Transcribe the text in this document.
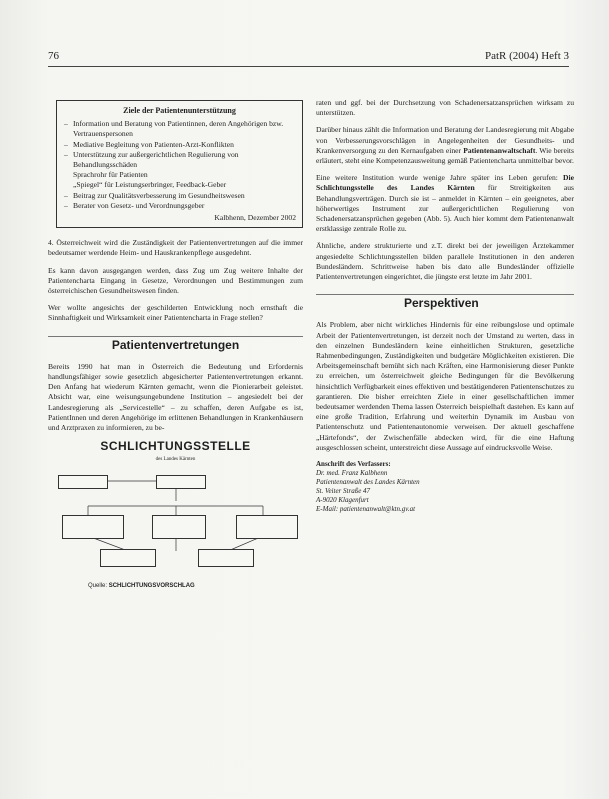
76	PatR (2004) Heft 3
Ziele der Patientenunterstützung
– Information und Beratung von Patientinnen, deren Angehörigen bzw. Vertrauenspersonen
– Mediative Begleitung von Patienten-Arzt-Konflikten
– Unterstützung zur außergerichtlichen Regulierung von Behandlungsschäden
Sprachrohr für Patienten
„Spiegel“ für Leistungserbringer, Feedback-Geber
– Beitrag zur Qualitätsverbesserung im Gesundheitswesen
– Berater von Gesetz- und Verordnungsgeber
Kalbhenn, Dezember 2002

4. Österreichweit wird die Zuständigkeit der Patientenvertretungen auf die immer bedeutsamer werdende Heim- und Hauskrankenpflege ausgedehnt.

Es kann davon ausgegangen werden, dass Zug um Zug weitere Inhalte der Patientencharta Eingang in Gesetze, Verordnungen und Bestimmungen zum österreichischen Gesundheitswesen finden.

Wer wollte angesichts der geschilderten Entwicklung noch ernsthaft die Sinnhaftigkeit und Wirksamkeit einer Patientencharta in Frage stellen?

Patientenvertretungen

Bereits 1990 hat man in Österreich die Bedeutung und Erfordernis handlungsfähiger sowie gesetzlich abgesicherter Patientenvertretungen erkannt. Den Anfang hat wiederum Kärnten gemacht, wenn die Pionierarbeit geleistet. Absicht war, eine weisungsungebundene Institution – angesiedelt bei der Landesregierung als „Servicestelle“ – zu schaffen, deren Aufgabe es ist, PatientInnen und deren Angehörige im erlittenen Behandlungen in Krankenhäusern und Arztpraxen zu informieren, zu be-

SCHLICHTUNGSSTELLE
des Landes Kärnten
Quelle: SCHLICHTUNGSVORSCHLAG

raten und ggf. bei der Durchsetzung von Schadenersatzansprüchen wirksam zu unterstützen.

Darüber hinaus zählt die Information und Beratung der Landesregierung mit Abgabe von Verbesserungsvorschlägen in Angelegenheiten der Gesundheits- und Krankenversorgung zu den Kernaufgaben einer Patientenanwaltschaft. Wie bereits erläutert, steht eine Kompetenzausweitung gemäß Patientencharta unmittelbar bevor.

Eine weitere Institution wurde wenige Jahre später ins Leben gerufen: Die Schlichtungsstelle des Landes Kärnten für Streitigkeiten aus Behandlungsverträgen. Durch sie ist – anmeldet in Kärnten – ein geeignetes, aber höherwertiges Instrument zur außergerichtlichen Regulierung von Schadenersatzansprüchen gegeben (Abb. 5). Auch hier kommt dem Patientenanwalt erstklassige zentrale Rolle zu.

Ähnliche, andere strukturierte und z.T. direkt bei der jeweiligen Ärztekammer angesiedelte Schlichtungsstellen bilden parallele Institutionen in den anderen Bundesländern. Schrittweise haben bis dato alle Bundesländer offizielle Patientenvertretungen eingerichtet, die jüngste erst letzte im Jahr 2001.

Perspektiven

Als Problem, aber nicht wirkliches Hindernis für eine reibungslose und optimale Arbeit der Patientenvertretungen, ist derzeit noch der Umstand zu werten, dass in den einzelnen Bundesländern keine einheitlichen Strukturen, gesetzliche Rahmenbedingungen, Zuständigkeiten und budgetäre Möglichkeiten existieren. Die Arbeitsgemeinschaft bemüht sich nach Kräften, eine Harmonisierung dieser Punkte zu erreichen, um österreichweit gleiche Bedingungen für die Bevölkerung hinsichtlich Verfügbarkeit eines effektiven und bestätigenderen Patientenschutzes zu garantieren. Die bisher erreichten Ziele in einer gesellschaftlichen immer bedeutsamer werdenden Thema lassen Österreich beispielhaft dastehen. Es kann auf eine große Tradition, Erfahrung und weiterhin Dynamik im Ausbau von Patientenschutz und Patientenautonomie verweisen. Der aktuell geschaffene „Härtefonds“, der Zwischenfälle abdecken wird, für die eine Haftung ausgeschlossen scheint, unterstreicht diese Aussage auf eindrucksvolle Weise.

Anschrift des Verfassers:
Dr. med. Franz Kalbhenn
Patientenanwalt des Landes Kärnten
St. Veiter Straße 47
A-9020 Klagenfurt
E-Mail: patientenanwalt@ktn.gv.at
